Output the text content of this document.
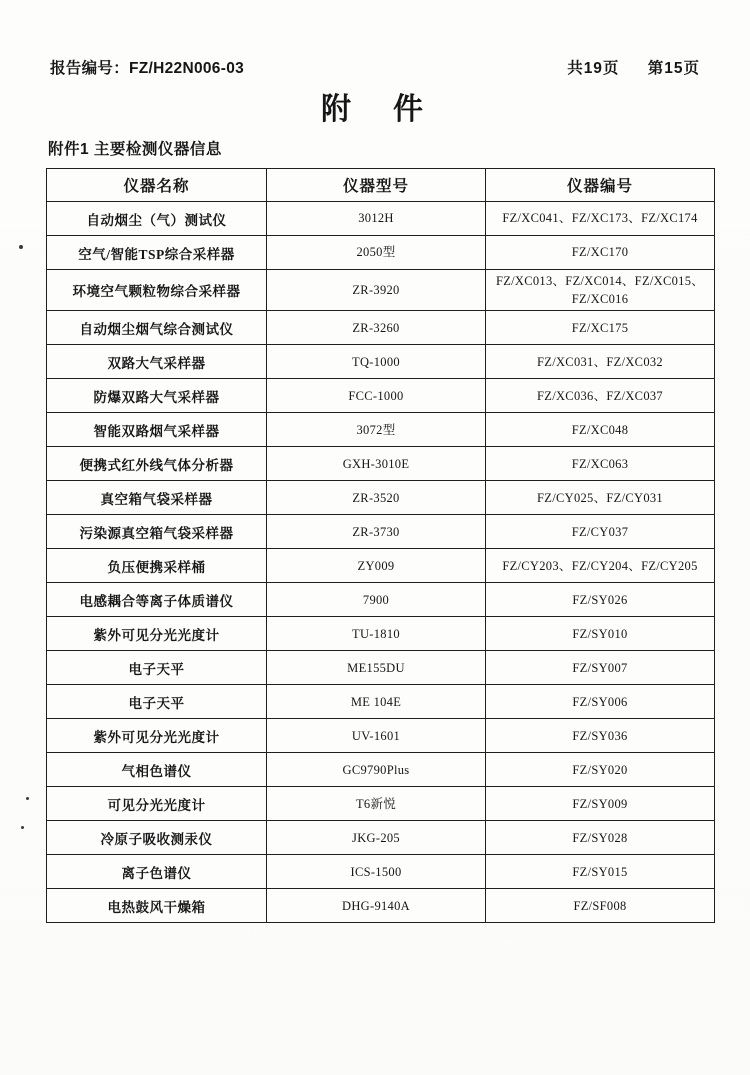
报告编号：FZ/H22N006-03	共19页 第15页
附　件
附件1 主要检测仪器信息
仪器名称	仪器型号	仪器编号
自动烟尘（气）测试仪	3012H	FZ/XC041、FZ/XC173、FZ/XC174
空气/智能TSP综合采样器	2050型	FZ/XC170
环境空气颗粒物综合采样器	ZR-3920	FZ/XC013、FZ/XC014、FZ/XC015、FZ/XC016
自动烟尘烟气综合测试仪	ZR-3260	FZ/XC175
双路大气采样器	TQ-1000	FZ/XC031、FZ/XC032
防爆双路大气采样器	FCC-1000	FZ/XC036、FZ/XC037
智能双路烟气采样器	3072型	FZ/XC048
便携式红外线气体分析器	GXH-3010E	FZ/XC063
真空箱气袋采样器	ZR-3520	FZ/CY025、FZ/CY031
污染源真空箱气袋采样器	ZR-3730	FZ/CY037
负压便携采样桶	ZY009	FZ/CY203、FZ/CY204、FZ/CY205
电感耦合等离子体质谱仪	7900	FZ/SY026
紫外可见分光光度计	TU-1810	FZ/SY010
电子天平	ME155DU	FZ/SY007
电子天平	ME 104E	FZ/SY006
紫外可见分光光度计	UV-1601	FZ/SY036
气相色谱仪	GC9790Plus	FZ/SY020
可见分光光度计	T6新悦	FZ/SY009
冷原子吸收测汞仪	JKG-205	FZ/SY028
离子色谱仪	ICS-1500	FZ/SY015
电热鼓风干燥箱	DHG-9140A	FZ/SF008
